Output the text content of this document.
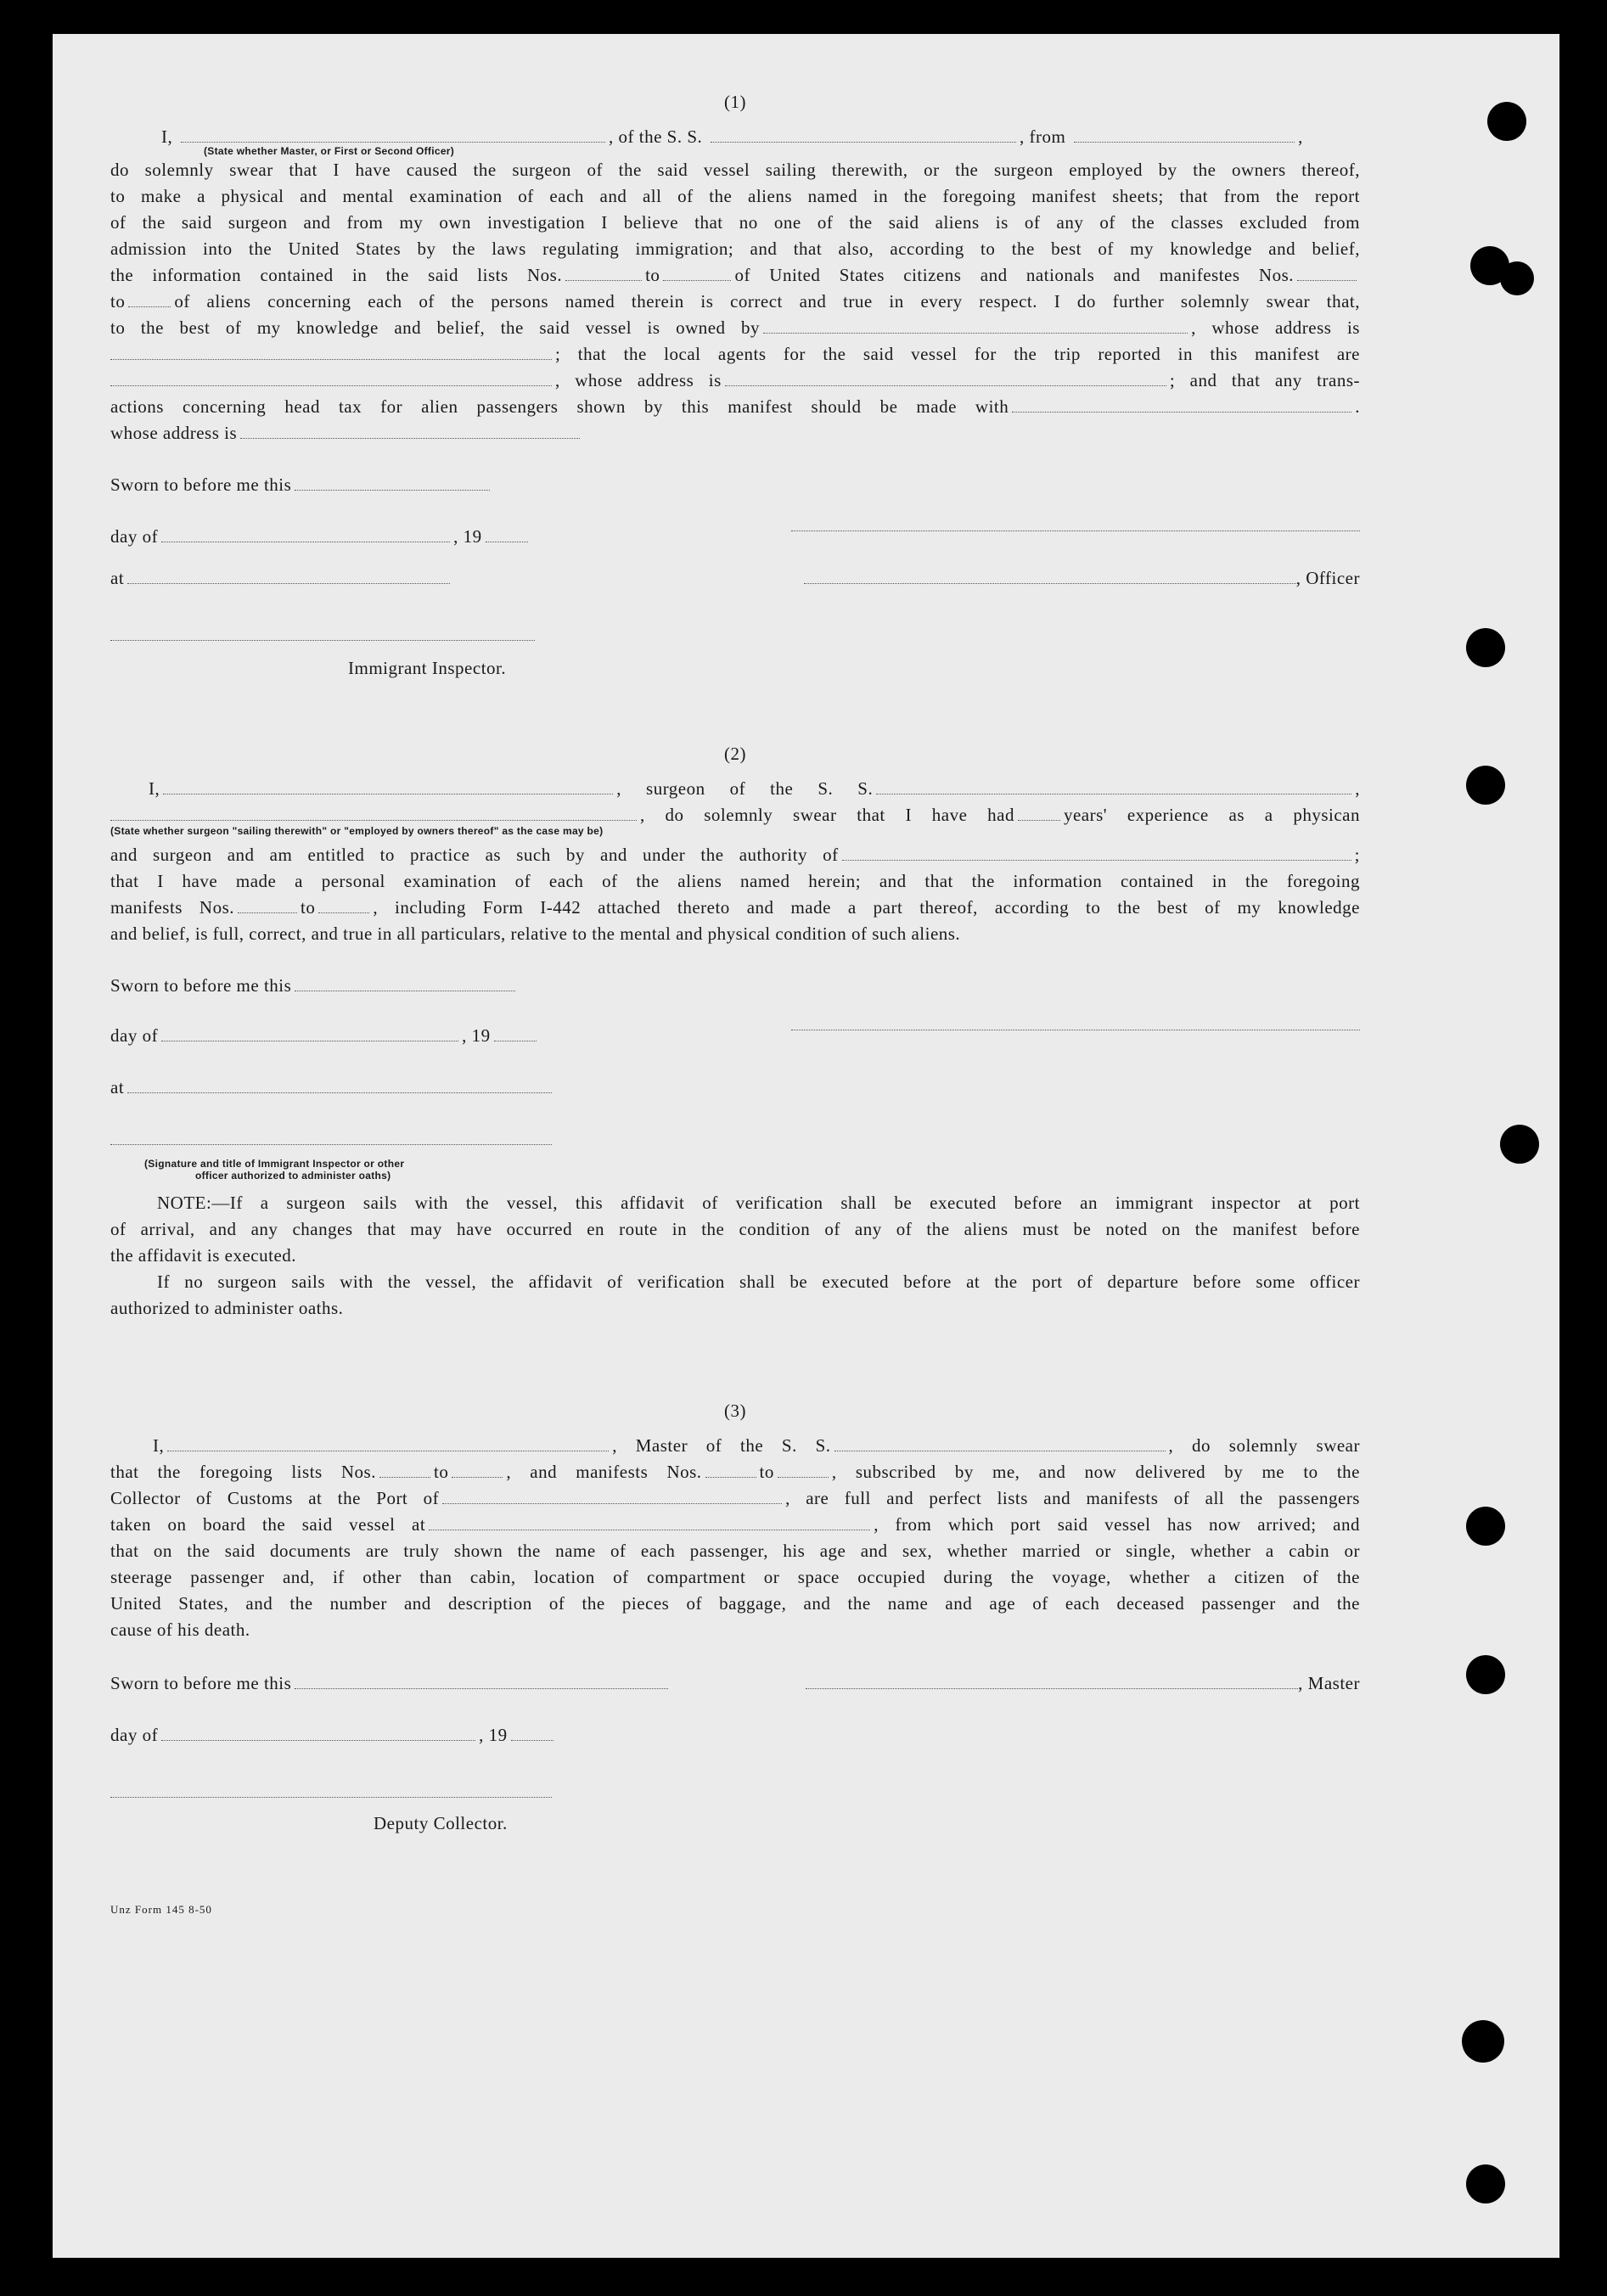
(1)
I,	, of the S. S.	, from	,
(State whether Master, or First or Second Officer)
do solemnly swear that I have caused the surgeon of the said vessel sailing therewith, or the surgeon employed by the owners thereof,
to make a physical and mental examination of each and all of the aliens named in the foregoing manifest sheets; that from the report
of the said surgeon and from my own investigation I believe that no one of the said aliens is of any of the classes excluded from
admission into the United States by the laws regulating immigration; and that also, according to the best of my knowledge and belief,
the information contained in the said lists Nos.	to	of United States citizens and nationals and manifestes Nos.
to	of aliens concerning each of the persons named therein is correct and true in every respect. I do further solemnly swear that,
to the best of my knowledge and belief, the said vessel is owned by	, whose address is
; that the local agents for the said vessel for the trip reported in this manifest are
, whose address is	; and that any trans-
actions concerning head tax for alien passengers shown by this manifest should be made with	.
whose address is
Sworn to before me this
day of	, 19
at	, Officer
Immigrant Inspector.
(2)
I,	, surgeon of the S. S.	,
, do solemnly swear that I have had	years' experience as a physican
(State whether surgeon "sailing therewith" or "employed by owners thereof" as the case may be)
and surgeon and am entitled to practice as such by and under the authority of	;
that I have made a personal examination of each of the aliens named herein; and that the information contained in the foregoing
manifests Nos.	to	, including Form I-442 attached thereto and made a part thereof, according to the best of my knowledge
and belief, is full, correct, and true in all particulars, relative to the mental and physical condition of such aliens.
Sworn to before me this
day of	, 19
at
(Signature and title of Immigrant Inspector or other
officer authorized to administer oaths)
NOTE:—If a surgeon sails with the vessel, this affidavit of verification shall be executed before an immigrant inspector at port
of arrival, and any changes that may have occurred en route in the condition of any of the aliens must be noted on the manifest before
the affidavit is executed.
If no surgeon sails with the vessel, the affidavit of verification shall be executed before at the port of departure before some officer
authorized to administer oaths.
(3)
I,	, Master of the S. S.	, do solemnly swear
that the foregoing lists Nos.	to	, and manifests Nos.	to	, subscribed by me, and now delivered by me to the
Collector of Customs at the Port of	, are full and perfect lists and manifests of all the passengers
taken on board the said vessel at	, from which port said vessel has now arrived; and
that on the said documents are truly shown the name of each passenger, his age and sex, whether married or single, whether a cabin or
steerage passenger and, if other than cabin, location of compartment or space occupied during the voyage, whether a citizen of the
United States, and the number and description of the pieces of baggage, and the name and age of each deceased passenger and the
cause of his death.
Sworn to before me this	, Master
day of	, 19
Deputy Collector.
Unz Form 145 8-50
